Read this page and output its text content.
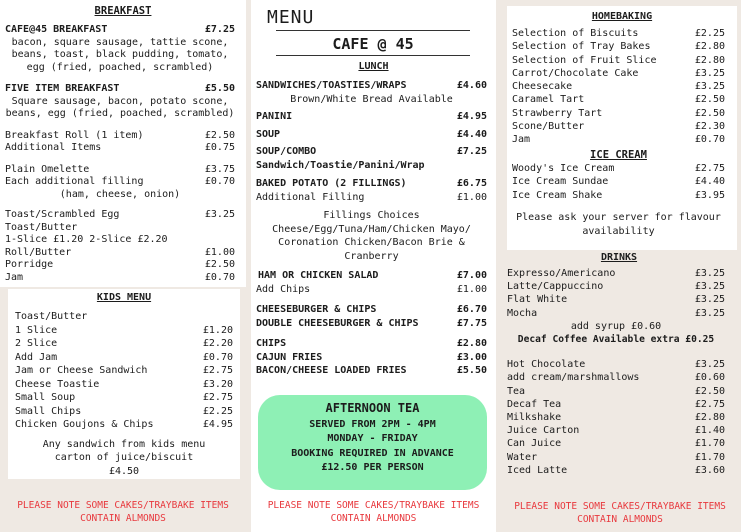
BREAKFAST
CAFE@45 BREAKFAST	£7.25
bacon, square sausage, tattie scone, beans, toast, black pudding, tomato, egg (fried, poached, scrambled)
FIVE ITEM BREAKFAST	£5.50
Square sausage, bacon, potato scone, beans, egg (fried, poached, scrambled)
Breakfast Roll (1 item)	£2.50
Additional Items	£0.75
Plain Omelette	£3.75
Each additional filling	£0.70
(ham, cheese, onion)
Toast/Scrambled Egg	£3.25
Toast/Butter
1-Slice £1.20 2-Slice £2.20
Roll/Butter	£1.00
Porridge	£2.50
Jam	£0.70
KIDS MENU
Toast/Butter
1 Slice	£1.20
2 Slice	£2.20
Add Jam	£0.70
Jam or Cheese Sandwich	£2.75
Cheese Toastie	£3.20
Small Soup	£2.75
Small Chips	£2.25
Chicken Goujons & Chips	£4.95
Any sandwich from kids menu
carton of juice/biscuit
£4.50
PLEASE NOTE SOME CAKES/TRAYBAKE ITEMS
CONTAIN ALMONDS
MENU
CAFE @ 45
LUNCH
SANDWICHES/TOASTIES/WRAPS	£4.60
Brown/White Bread Available
PANINI	£4.95
SOUP	£4.40
SOUP/COMBO	£7.25
Sandwich/Toastie/Panini/Wrap
BAKED POTATO (2 FILLINGS)	£6.75
Additional Filling	£1.00
Fillings Choices
Cheese/Egg/Tuna/Ham/Chicken Mayo/ Coronation Chicken/Bacon Brie & Cranberry
HAM OR CHICKEN SALAD	£7.00
Add Chips	£1.00
CHEESEBURGER & CHIPS	£6.70
DOUBLE CHEESEBURGER & CHIPS	£7.75
CHIPS	£2.80
CAJUN FRIES	£3.00
BACON/CHEESE LOADED FRIES	£5.50
AFTERNOON TEA
SERVED FROM 2PM - 4PM
MONDAY - FRIDAY
BOOKING REQUIRED IN ADVANCE
£12.50 PER PERSON
PLEASE NOTE SOME CAKES/TRAYBAKE ITEMS
CONTAIN ALMONDS
HOMEBAKING
Selection of Biscuits	£2.25
Selection of Tray Bakes	£2.80
Selection of Fruit Slice	£2.80
Carrot/Chocolate Cake	£3.25
Cheesecake	£3.25
Caramel Tart	£2.50
Strawberry Tart	£2.50
Scone/Butter	£2.30
Jam	£0.70
ICE CREAM
Woody's Ice Cream	£2.75
Ice Cream Sundae	£4.40
Ice Cream Shake	£3.95
Please ask your server for flavour availability
DRINKS
Expresso/Americano	£3.25
Latte/Cappuccino	£3.25
Flat White	£3.25
Mocha	£3.25
add syrup £0.60
Decaf Coffee Available extra £0.25
Hot Chocolate	£3.25
add cream/marshmallows	£0.60
Tea	£2.50
Decaf Tea	£2.75
Milkshake	£2.80
Juice Carton	£1.40
Can Juice	£1.70
Water	£1.70
Iced Latte	£3.60
PLEASE NOTE SOME CAKES/TRAYBAKE ITEMS
CONTAIN ALMONDS
